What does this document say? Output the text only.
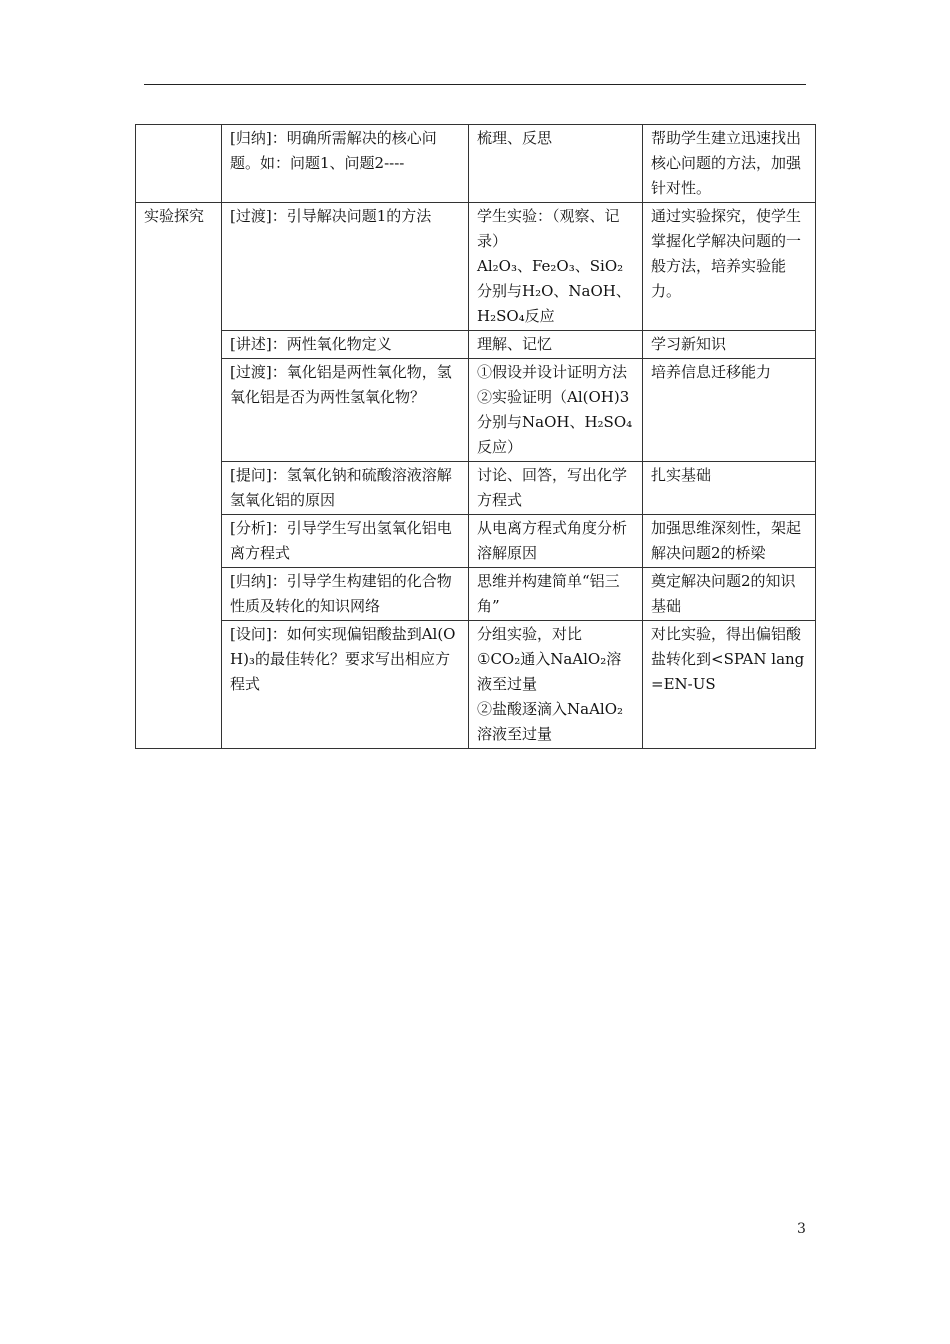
	[归纳]：明确所需解决的核心问题。如：问题1、问题2----	梳理、反思	帮助学生建立迅速找出核心问题的方法，加强针对性。

实验探究	[过渡]：引导解决问题1的方法	学生实验：（观察、记录）
Al₂O₃、Fe₂O₃、SiO₂分别与H₂O、NaOH、H₂SO₄反应	通过实验探究，使学生掌握化学解决问题的一般方法，培养实验能力。

	[讲述]：两性氧化物定义	理解、记忆	学习新知识

	[过渡]：氧化铝是两性氧化物，氢氧化铝是否为两性氢氧化物？	①假设并设计证明方法
②实验证明（Al(OH)3分别与NaOH、H₂SO₄反应）	培养信息迁移能力

	[提问]：氢氧化钠和硫酸溶液溶解氢氧化铝的原因	讨论、回答，写出化学方程式	扎实基础

	[分析]：引导学生写出氢氧化铝电离方程式	从电离方程式角度分析溶解原因	加强思维深刻性，架起解决问题2的桥梁

	[归纳]：引导学生构建铝的化合物性质及转化的知识网络	思维并构建简单“铝三角”	奠定解决问题2的知识基础

	[设问]：如何实现偏铝酸盐到Al(OH)₃的最佳转化？要求写出相应方程式	分组实验，对比
①CO₂通入NaAlO₂溶液至过量
②盐酸逐滴入NaAlO₂溶液至过量	对比实验，得出偏铝酸盐转化到<SPAN lang=EN-US
3
